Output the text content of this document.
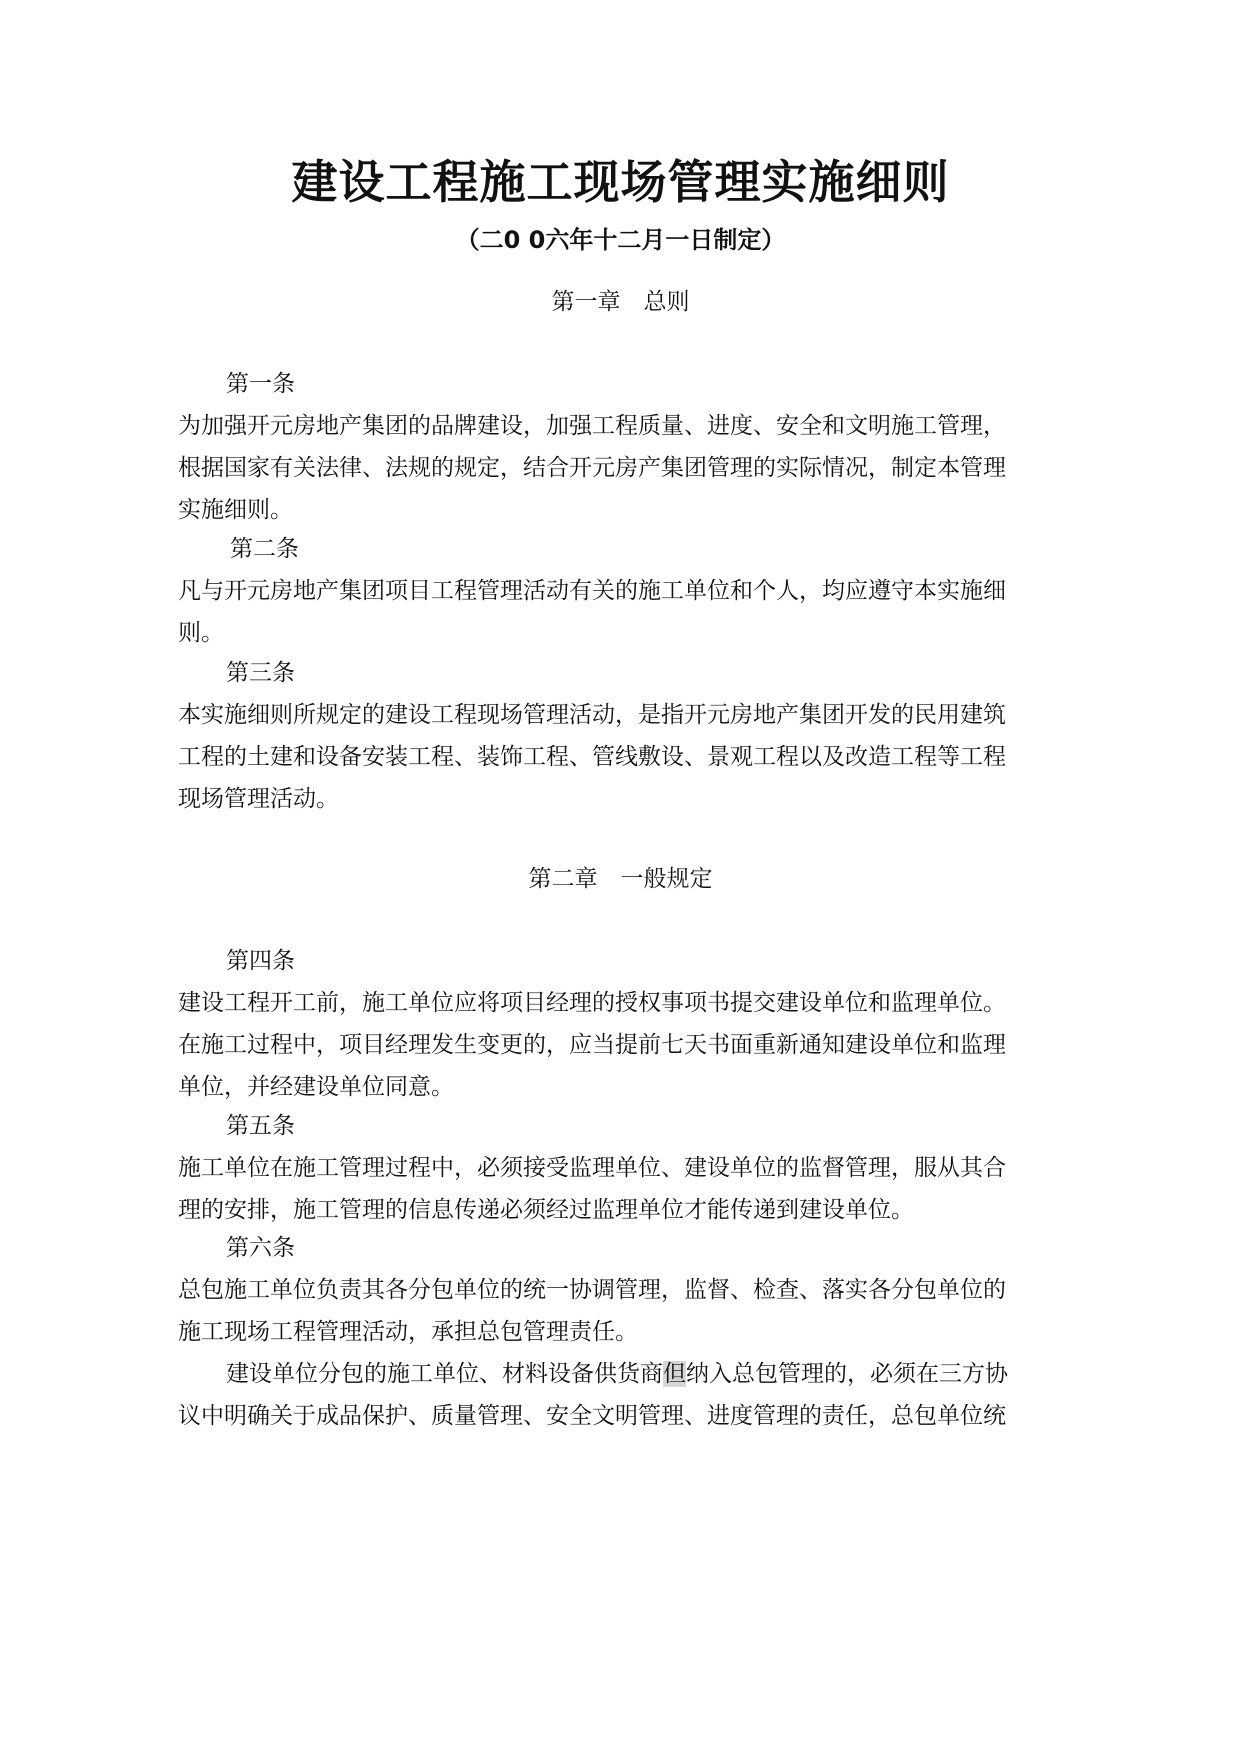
建设工程施工现场管理实施细则
（二0 0六年十二月一日制定）
第一章　总则
第一条
为加强开元房地产集团的品牌建设，加强工程质量、进度、安全和文明施工管理，
根据国家有关法律、法规的规定，结合开元房产集团管理的实际情况，制定本管理
实施细则。
第二条
凡与开元房地产集团项目工程管理活动有关的施工单位和个人，均应遵守本实施细
则。
第三条
本实施细则所规定的建设工程现场管理活动，是指开元房地产集团开发的民用建筑
工程的土建和设备安装工程、装饰工程、管线敷设、景观工程以及改造工程等工程
现场管理活动。
第二章　一般规定
第四条
建设工程开工前，施工单位应将项目经理的授权事项书提交建设单位和监理单位。
在施工过程中，项目经理发生变更的，应当提前七天书面重新通知建设单位和监理
单位，并经建设单位同意。
第五条
施工单位在施工管理过程中，必须接受监理单位、建设单位的监督管理，服从其合
理的安排，施工管理的信息传递必须经过监理单位才能传递到建设单位。
第六条
总包施工单位负责其各分包单位的统一协调管理，监督、检查、落实各分包单位的
施工现场工程管理活动，承担总包管理责任。
建设单位分包的施工单位、材料设备供货商但纳入总包管理的，必须在三方协
议中明确关于成品保护、质量管理、安全文明管理、进度管理的责任，总包单位统
